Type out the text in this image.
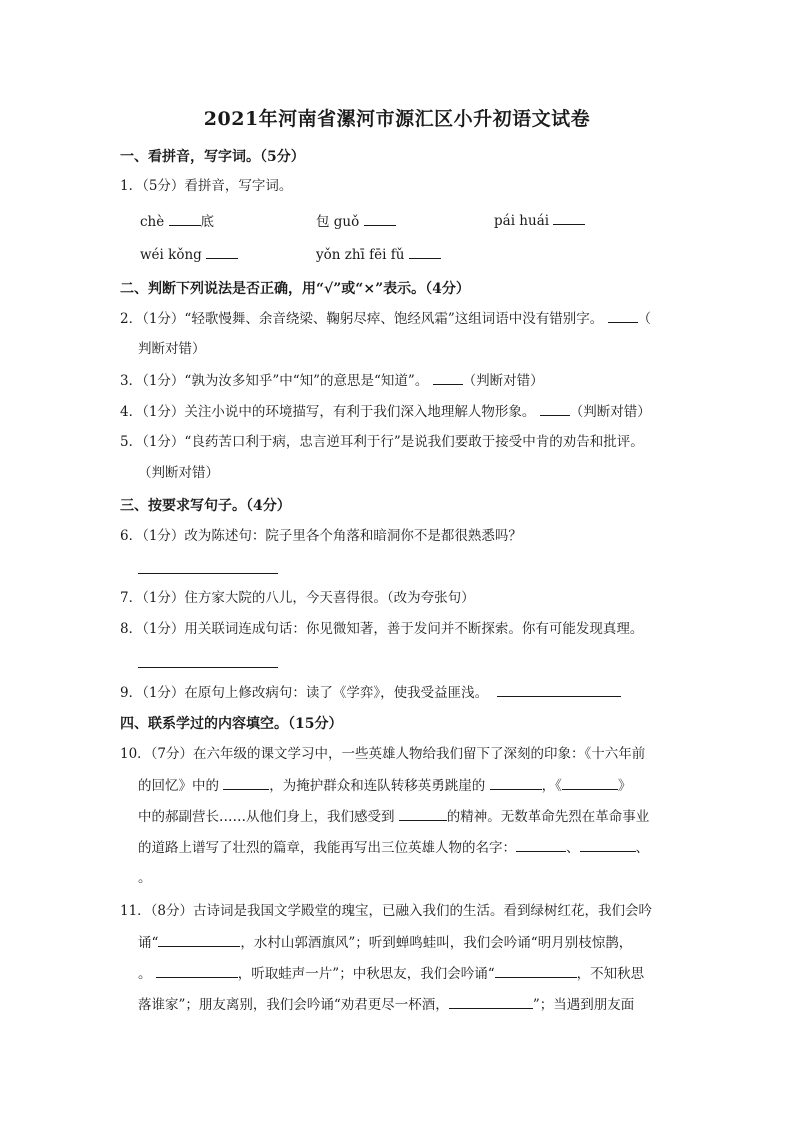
2021年河南省漯河市源汇区小升初语文试卷
一、看拼音，写字词。（5分）
1．（5分）看拼音，写字词。
chè 底	包 guǒ	pái huái
wéi kǒng	yǒn zhī fēi fǔ
二、判断下列说法是否正确，用“√”或“×”表示。（4分）
2．（1分）“轻歌慢舞、余音绕梁、鞠躬尽瘁、饱经风霜”这组词语中没有错别字。	（
判断对错）
3．（1分）“孰为汝多知乎”中“知”的意思是“知道”。	（判断对错）
4．（1分）关注小说中的环境描写，有利于我们深入地理解人物形象。	（判断对错）
5．（1分）“良药苦口利于病，忠言逆耳利于行”是说我们要敢于接受中肯的劝告和批评。
（判断对错）
三、按要求写句子。（4分）
6．（1分）改为陈述句：院子里各个角落和暗洞你不是都很熟悉吗？
7．（1分）住方家大院的八儿，今天喜得很。（改为夸张句）
8．（1分）用关联词连成句话：你见微知著，善于发问并不断探索。你有可能发现真理。
9．（1分）在原句上修改病句：读了《学弈》，使我受益匪浅。
四、联系学过的内容填空。（15分）
10．（7分）在六年级的课文学习中，一些英雄人物给我们留下了深刻的印象：《十六年前
的回忆》中的	，为掩护群众和连队转移英勇跳崖的	，《	》
中的郝副营长……从他们身上，我们感受到	的精神。无数革命先烈在革命事业
的道路上谱写了壮烈的篇章，我能再写出三位英雄人物的名字：	、	、
。
11．（8分）古诗词是我国文学殿堂的瑰宝，已融入我们的生活。看到绿树红花，我们会吟
诵“	，水村山郭酒旗风”；听到蝉鸣蛙叫，我们会吟诵“明月别枝惊鹊，
。	，听取蛙声一片”；中秋思友，我们会吟诵“	，不知秋思
落谁家”；朋友离别，我们会吟诵“劝君更尽一杯酒，	”；当遇到朋友面
